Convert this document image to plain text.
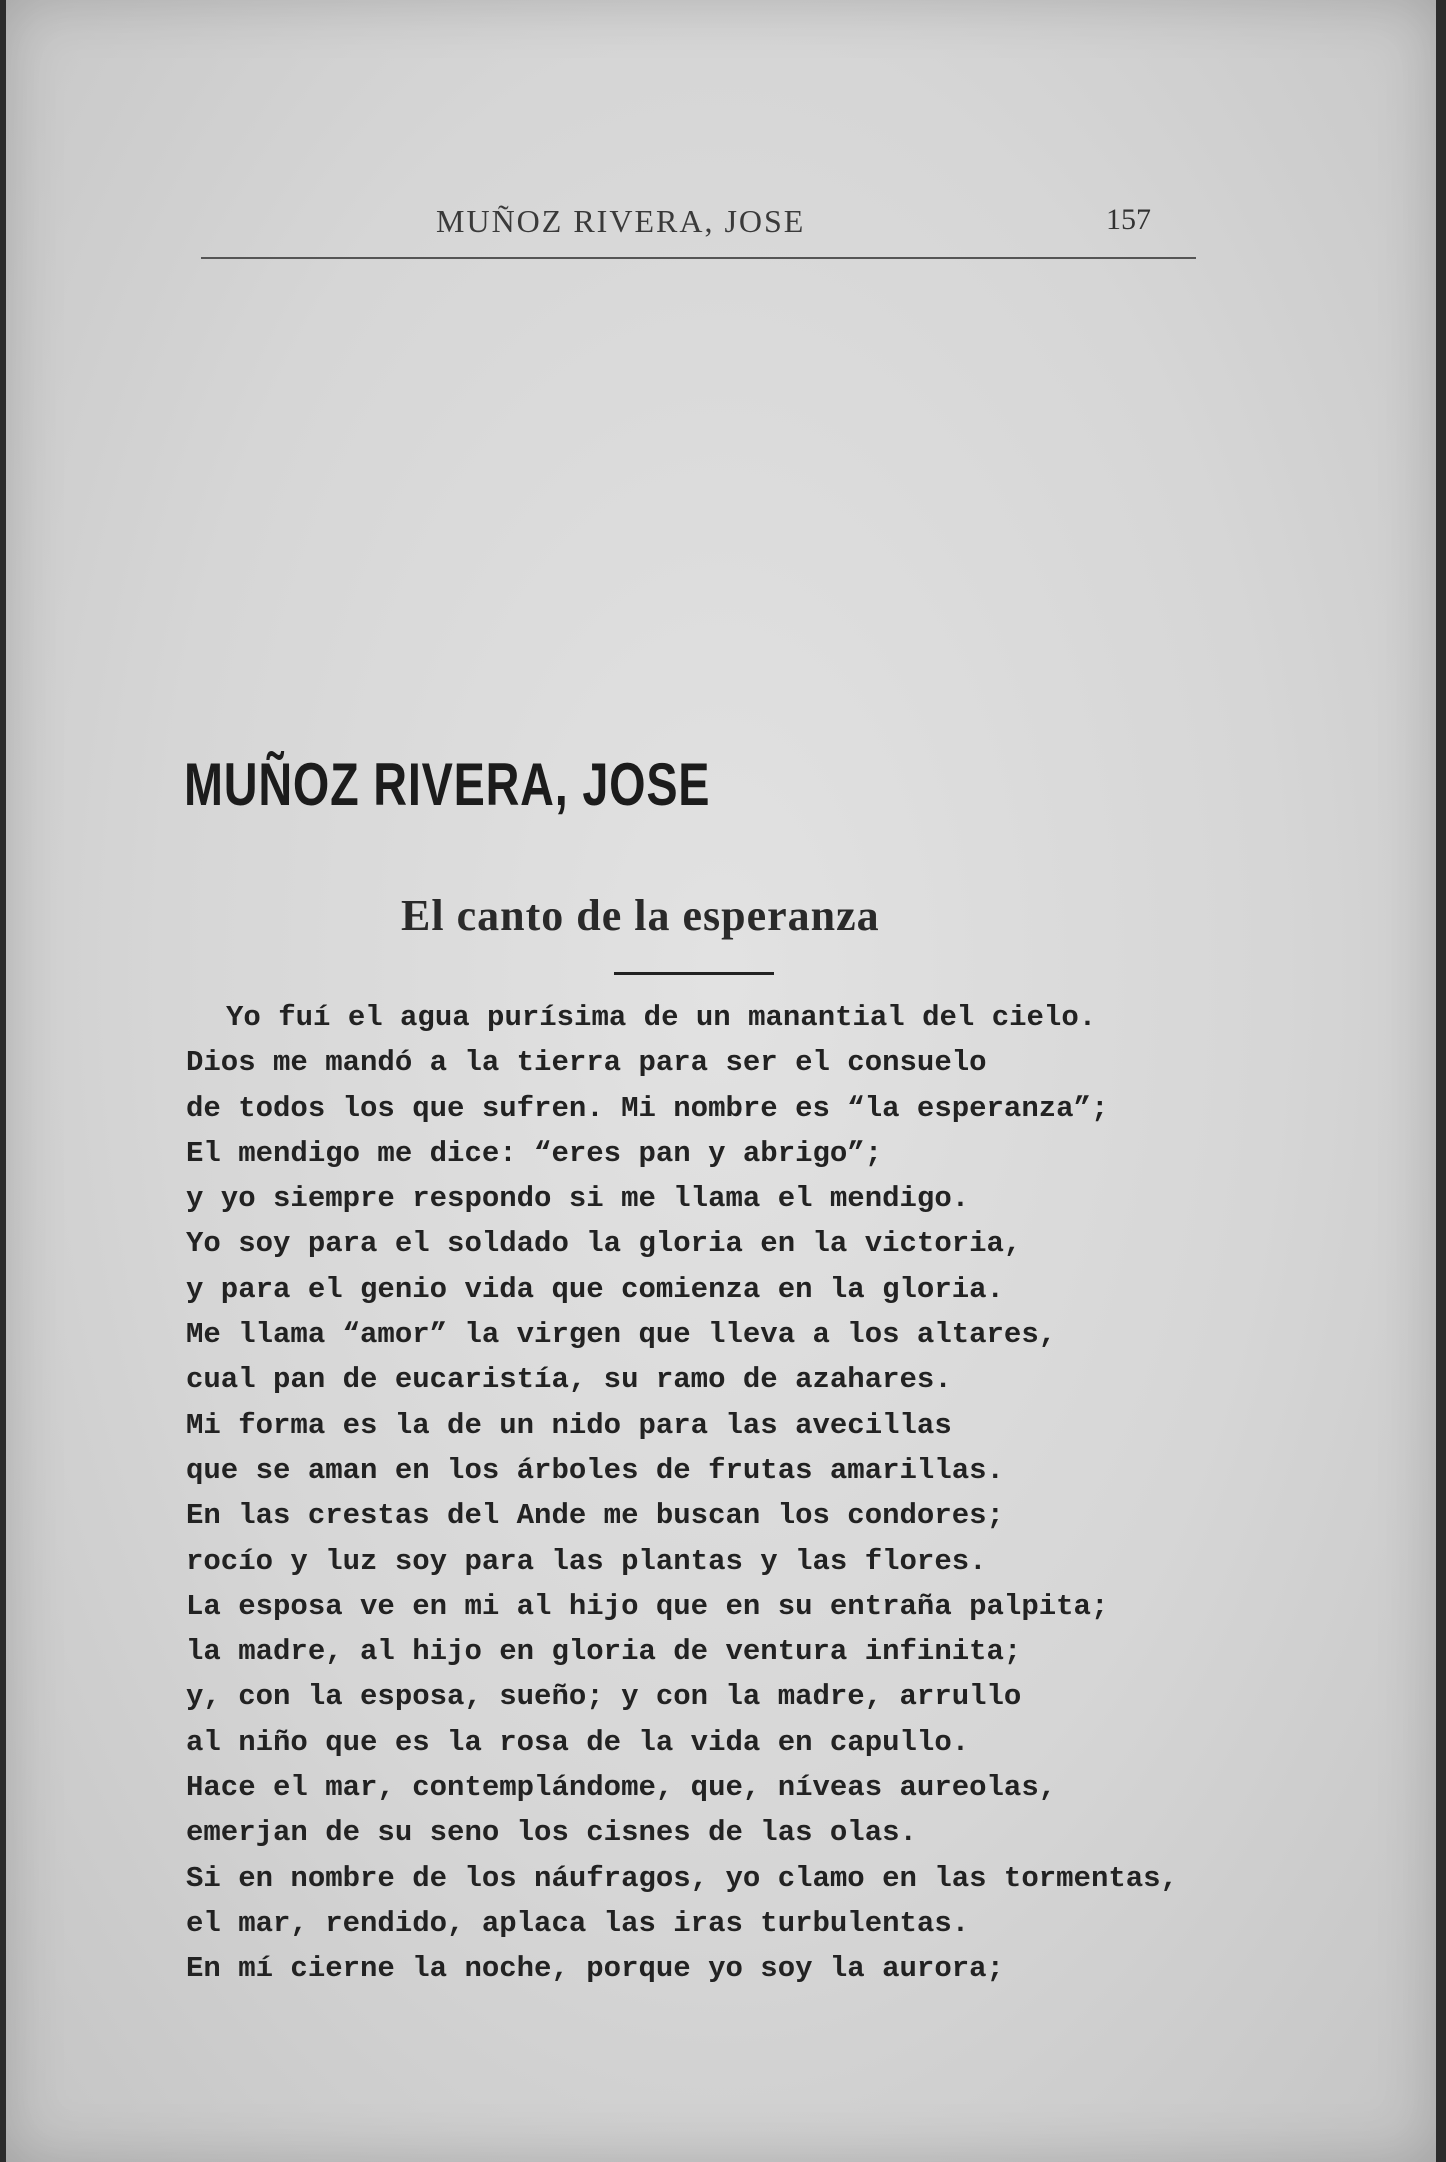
MUÑOZ RIVERA, JOSE	157
MUÑOZ RIVERA, JOSE
El canto de la esperanza
Yo fuí el agua purísima de un manantial del cielo.
Dios me mandó a la tierra para ser el consuelo
de todos los que sufren. Mi nombre es “la esperanza”;
El mendigo me dice: “eres pan y abrigo”;
y yo siempre respondo si me llama el mendigo.
Yo soy para el soldado la gloria en la victoria,
y para el genio vida que comienza en la gloria.
Me llama “amor” la virgen que lleva a los altares,
cual pan de eucaristía, su ramo de azahares.
Mi forma es la de un nido para las avecillas
que se aman en los árboles de frutas amarillas.
En las crestas del Ande me buscan los condores;
rocío y luz soy para las plantas y las flores.
La esposa ve en mi al hijo que en su entraña palpita;
la madre, al hijo en gloria de ventura infinita;
y, con la esposa, sueño; y con la madre, arrullo
al niño que es la rosa de la vida en capullo.
Hace el mar, contemplándome, que, níveas aureolas,
emerjan de su seno los cisnes de las olas.
Si en nombre de los náufragos, yo clamo en las tormentas,
el mar, rendido, aplaca las iras turbulentas.
En mí cierne la noche, porque yo soy la aurora;
